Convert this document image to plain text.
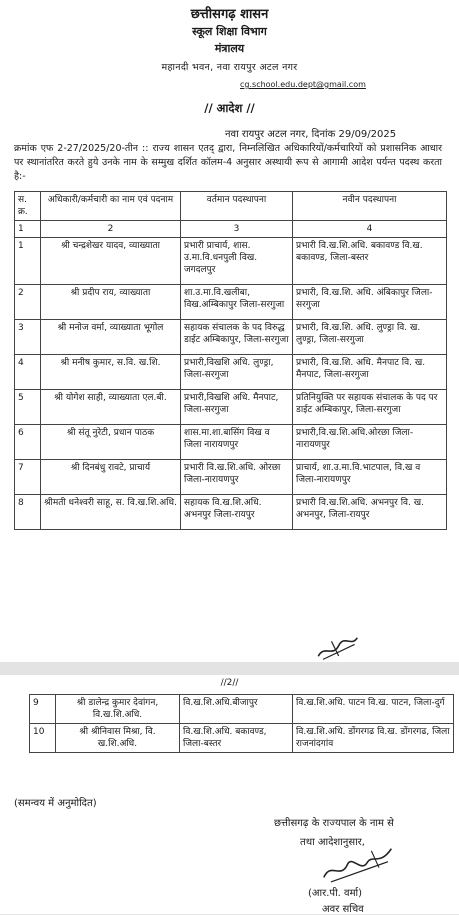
छत्तीसगढ़ शासन
स्कूल शिक्षा विभाग
मंत्रालय
महानदी भवन, नवा रायपुर अटल नगर
cg.school.edu.dept@gmail.com
// आदेश //
नवा रायपुर अटल नगर, दिनांक 29/09/2025
क्रमांक एफ 2-27/2025/20-तीन :: राज्य शासन एतद् द्वारा, निम्नलिखित अधिकारियों/कर्मचारियों को प्रशासनिक आधार पर स्थानांतरित करते हुये उनके नाम के सम्मुख दर्शित कॉलम-4 अनुसार अस्थायी रूप से आगामी आदेश पर्यन्त पदस्थ करता है:-
स. क्र.	अधिकारी/कर्मचारी का नाम एवं पदनाम	वर्तमान पदस्थापना	नवीन पदस्थापना
1	2	3	4
1	श्री चन्द्रशेखर यादव, व्याख्याता	प्रभारी प्राचार्य, शास. उ.मा.वि.धनपुली विख. जगदलपुर	प्रभारी वि.ख.शि.अधि. बकावण्ड वि.ख. बकावण्ड, जिला-बस्तर

2	श्री प्रदीप राय, व्याख्याता	शा.उ.मा.वि.खलीबा, विख.अम्बिकापुर जिला-सरगुजा	प्रभारी, वि.ख.शि. अधि. अंबिकापुर जिला-सरगुजा

3	श्री मनोज वर्मा, व्याख्याता भूगोल	सहायक संचालक के पद विरुद्ध डाईट अम्बिकापुर, जिला-सरगुजा	प्रभारी, वि.ख.शि. अधि. लुण्ड्रा वि. ख. लुण्ड्रा, जिला-सरगुजा

4	श्री मनीष कुमार, स.वि. ख.शि.	प्रभारी,विखशि अधि. लुण्ड्रा, जिला-सरगुजा	प्रभारी, वि.ख.शि. अधि. मैनपाट वि. ख. मैनपाट, जिला-सरगुजा

5	श्री योगेश साही, व्याख्याता एल.बी.	प्रभारी,विखशि अधि. मैनपाट, जिला-सरगुजा	प्रतिनियुक्ति पर सहायक संचालक के पद पर डाईट अम्बिकापुर, जिला-सरगुजा

6	श्री संतू नुरेटी, प्रधान पाठक	शास.मा.शा.बासिंग विख व जिला नारायणपुर	प्रभारी,वि.ख.शि.अधि.ओरछा जिला-नारायणपुर

7	श्री दिनबंधु रावटे, प्राचार्य	प्रभारी वि.ख.शि.अधि. ओरछा जिला-नारायणपुर	प्राचार्य, शा.उ.मा.वि.भाटपाल, वि.ख व जिला-नारायणपुर

8	श्रीमती धनेश्वरी साहू, स. वि.ख.शि.अधि.	सहायक वि.ख.शि.अधि. अभनपुर जिला-रायपुर	प्रभारी वि.ख.शि.अधि. अभनपुर वि. ख. अभनपुर, जिला-रायपुर

//2//
9	श्री डालेन्द्र कुमार देवांगन, वि.ख.शि.अधि.	वि.ख.शि.अधि.बीजापुर	वि.ख.शि.अधि. पाटन वि.ख. पाटन, जिला-दुर्ग
10	श्री श्रीनिवास मिश्रा, वि. ख.शि.अधि.	वि.ख.शि.अधि. बकावण्ड, जिला-बस्तर	वि.ख.शि.अधि. डोंगरगढ वि.ख. डोंगरगढ, जिला राजनांदगांव
(समन्वय में अनुमोदित)
छत्तीसगढ़ के राज्यपाल के नाम से
तथा आदेशानुसार,
(आर.पी. वर्मा)
अवर सचिव
